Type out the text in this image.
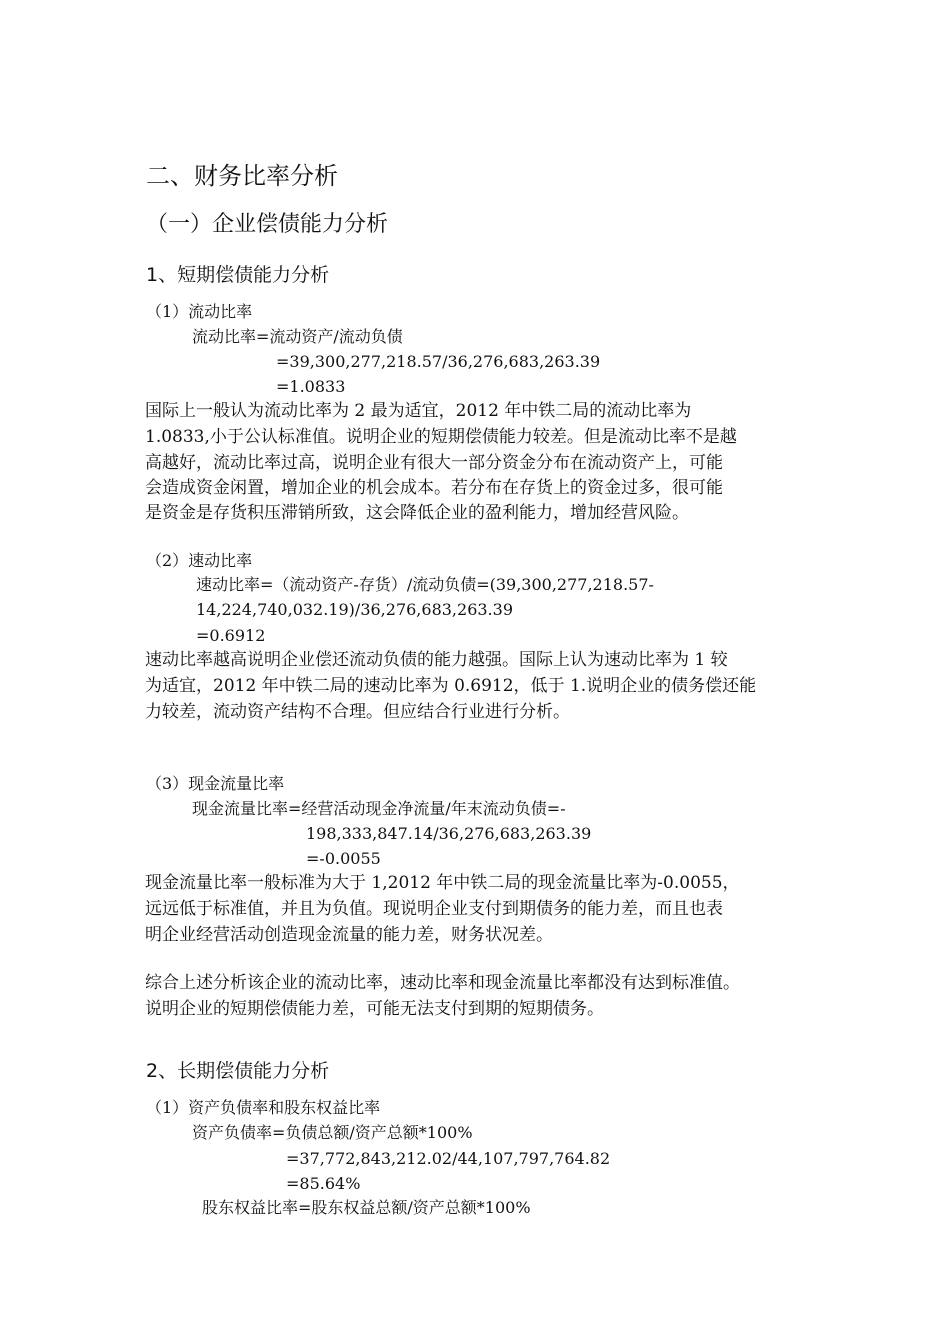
二、财务比率分析
（一）企业偿债能力分析
1、短期偿债能力分析
（1）流动比率
流动比率=流动资产/流动负债
=39,300,277,218.57/36,276,683,263.39
=1.0833
国际上一般认为流动比率为 2 最为适宜，2012 年中铁二局的流动比率为
1.0833,小于公认标准值。说明企业的短期偿债能力较差。但是流动比率不是越
高越好，流动比率过高，说明企业有很大一部分资金分布在流动资产上，可能
会造成资金闲置，增加企业的机会成本。若分布在存货上的资金过多，很可能
是资金是存货积压滞销所致，这会降低企业的盈利能力，增加经营风险。
（2）速动比率
速动比率=（流动资产-存货）/流动负债=(39,300,277,218.57-
14,224,740,032.19)/36,276,683,263.39
=0.6912
速动比率越高说明企业偿还流动负债的能力越强。国际上认为速动比率为 1 较
为适宜，2012 年中铁二局的速动比率为 0.6912，低于 1.说明企业的债务偿还能
力较差，流动资产结构不合理。但应结合行业进行分析。
（3）现金流量比率
现金流量比率=经营活动现金净流量/年末流动负债=-
198,333,847.14/36,276,683,263.39
=-0.0055
现金流量比率一般标准为大于 1,2012 年中铁二局的现金流量比率为-0.0055，
远远低于标准值，并且为负值。现说明企业支付到期债务的能力差，而且也表
明企业经营活动创造现金流量的能力差，财务状况差。
综合上述分析该企业的流动比率，速动比率和现金流量比率都没有达到标准值。
说明企业的短期偿债能力差，可能无法支付到期的短期债务。
2、长期偿债能力分析
（1）资产负债率和股东权益比率
资产负债率=负债总额/资产总额*100%
=37,772,843,212.02/44,107,797,764.82
=85.64%
股东权益比率=股东权益总额/资产总额*100%
